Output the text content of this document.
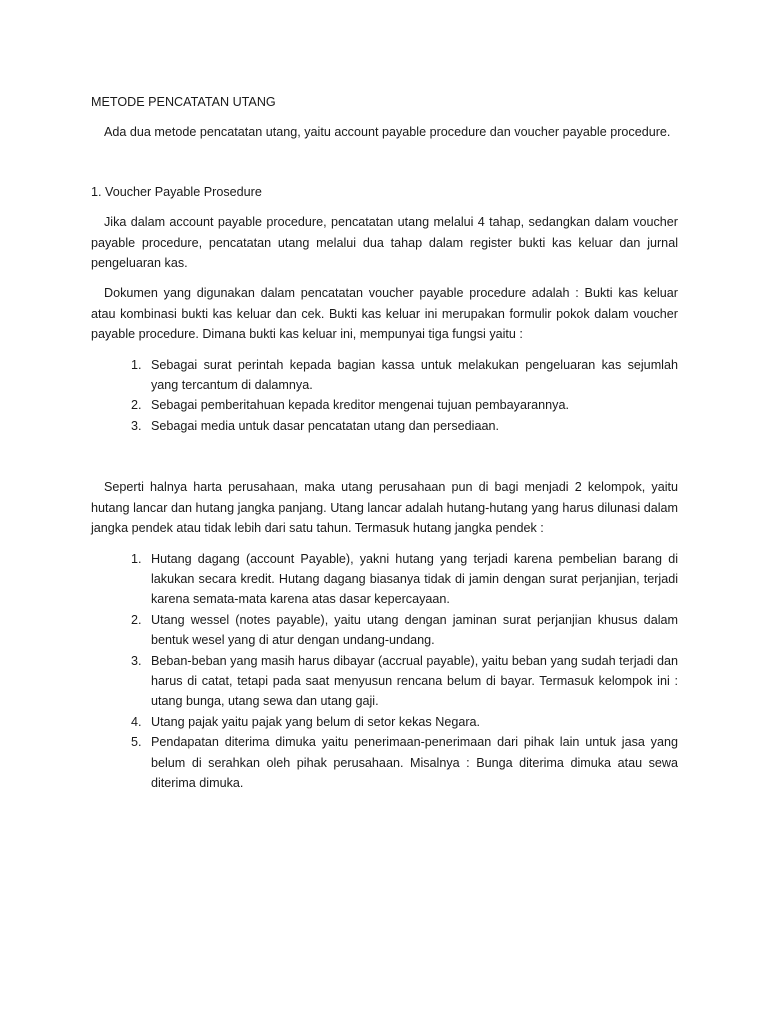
METODE PENCATATAN UTANG

Ada dua metode pencatatan utang, yaitu account payable procedure dan voucher payable procedure.

1. Voucher Payable Prosedure

Jika dalam account payable procedure, pencatatan utang melalui 4 tahap, sedangkan dalam voucher payable procedure, pencatatan utang melalui dua tahap dalam register bukti kas keluar dan jurnal pengeluaran kas.

Dokumen yang digunakan dalam pencatatan voucher payable procedure adalah : Bukti kas keluar atau kombinasi bukti kas keluar dan cek. Bukti kas keluar ini merupakan formulir pokok dalam voucher payable procedure. Dimana bukti kas keluar ini, mempunyai tiga fungsi yaitu :

1. Sebagai surat perintah kepada bagian kassa untuk melakukan pengeluaran kas sejumlah yang tercantum di dalamnya.
2. Sebagai pemberitahuan kepada kreditor mengenai tujuan pembayarannya.
3. Sebagai media untuk dasar pencatatan utang dan persediaan.

Seperti halnya harta perusahaan, maka utang perusahaan pun di bagi menjadi 2 kelompok, yaitu hutang lancar dan hutang jangka panjang. Utang lancar adalah hutang-hutang yang harus dilunasi dalam jangka pendek atau tidak lebih dari satu tahun. Termasuk hutang jangka pendek :

1. Hutang dagang (account Payable), yakni hutang yang terjadi karena pembelian barang di lakukan secara kredit. Hutang dagang biasanya tidak di jamin dengan surat perjanjian, terjadi karena semata-mata karena atas dasar kepercayaan.
2. Utang wessel (notes payable), yaitu utang dengan jaminan surat perjanjian khusus dalam bentuk wesel yang di atur dengan undang-undang.
3. Beban-beban yang masih harus dibayar (accrual payable), yaitu beban yang sudah terjadi dan harus di catat, tetapi pada saat menyusun rencana belum di bayar. Termasuk kelompok ini : utang bunga, utang sewa dan utang gaji.
4. Utang pajak yaitu pajak yang belum di setor kekas Negara.
5. Pendapatan diterima dimuka yaitu penerimaan-penerimaan dari pihak lain untuk jasa yang belum di serahkan oleh pihak perusahaan. Misalnya : Bunga diterima dimuka atau sewa diterima dimuka.
